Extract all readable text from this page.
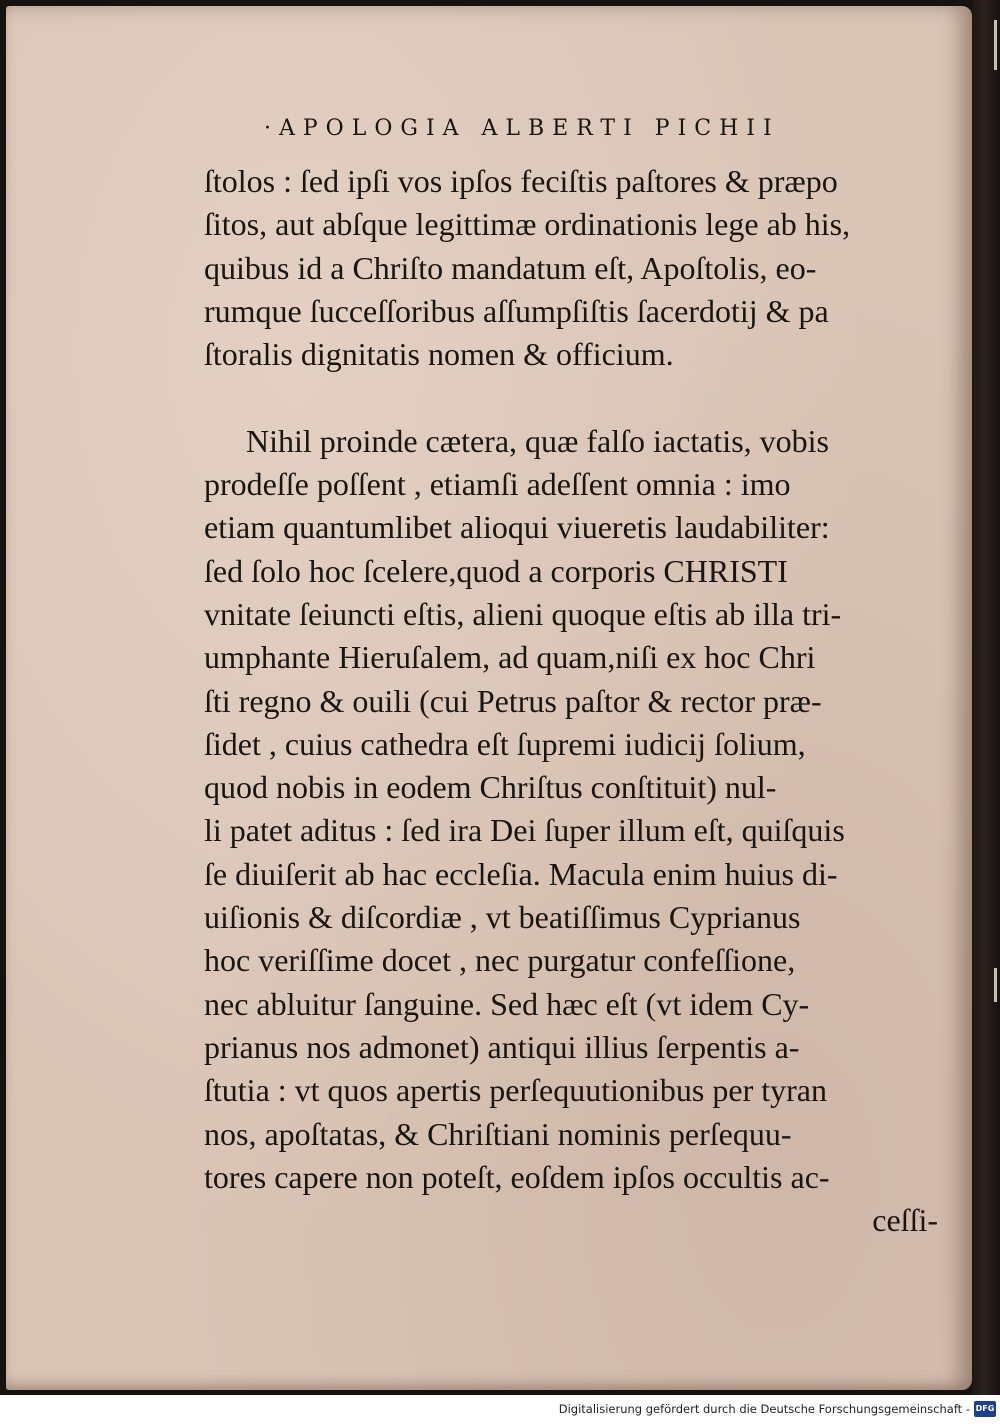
·APOLOGIA ALBERTI PICHII
ſtolos : ſed ipſi vos ipſos feciſtis paſtores & præpo
ſitos, aut abſque legittimæ ordinationis lege ab his,
quibus id a Chriſto mandatum eſt, Apoſtolis, eo-
rumque ſucceſſoribus aſſumpſiſtis ſacerdotij & pa
ſtoralis dignitatis nomen & officium.
Nihil proinde cætera, quæ falſo iactatis, vobis
prodeſſe poſſent , etiamſi adeſſent omnia : imo
etiam quantumlibet alioqui viueretis laudabiliter:
ſed ſolo hoc ſcelere,quod a corporis CHRISTI
vnitate ſeiuncti eſtis, alieni quoque eſtis ab illa tri-
umphante Hieruſalem, ad quam,niſi ex hoc Chri
ſti regno & ouili (cui Petrus paſtor & rector præ-
ſidet , cuius cathedra eſt ſupremi iudicij ſolium,
quod nobis in eodem Chriſtus conſtituit) nul-
li patet aditus : ſed ira Dei ſuper illum eſt, quiſquis
ſe diuiſerit ab hac eccleſia. Macula enim huius di-
uiſionis & diſcordiæ , vt beatiſſimus Cyprianus
hoc veriſſime docet , nec purgatur confeſſione,
nec abluitur ſanguine. Sed hæc eſt (vt idem Cy-
prianus nos admonet) antiqui illius ſerpentis a-
ſtutia : vt quos apertis perſequutionibus per tyran
nos, apoſtatas, & Chriſtiani nominis perſequu-
tores capere non poteſt, eoſdem ipſos occultis ac-
ceſſi-
Digitalisierung gefördert durch die Deutsche Forschungsgemeinschaft - DFG
